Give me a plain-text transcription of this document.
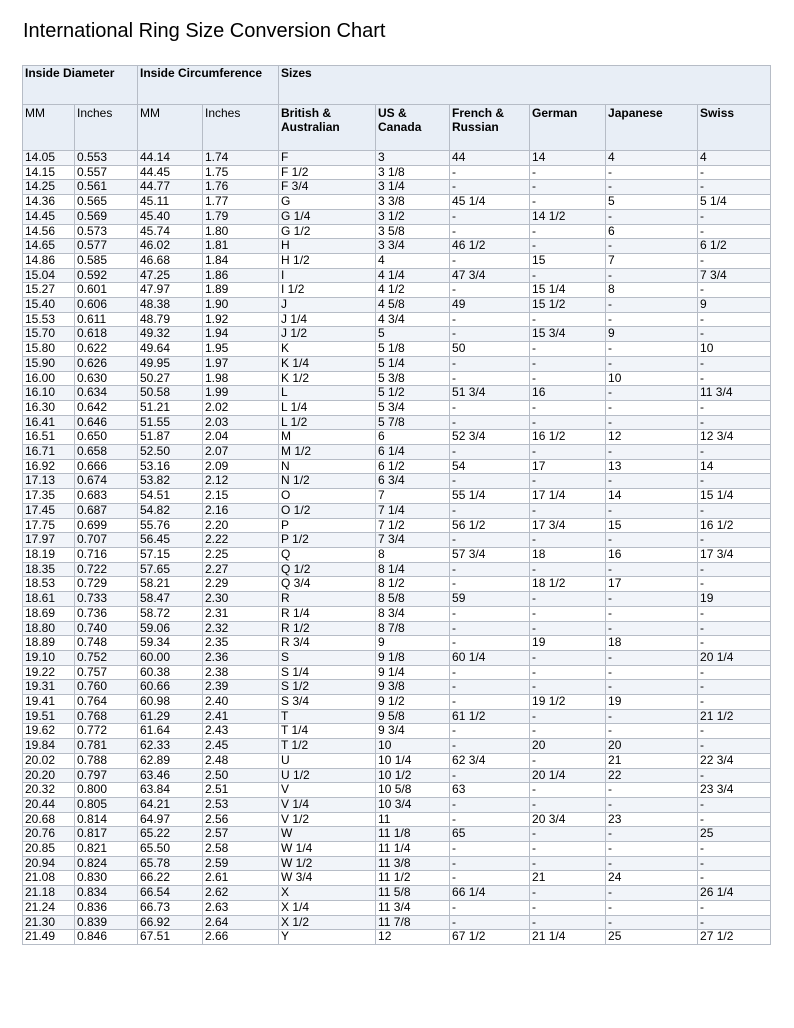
International Ring Size Conversion Chart
Inside Diameter		Inside Circumference		Sizes					
MM	Inches	MM	Inches	British & Australian	US & Canada	French & Russian	German	Japanese	Swiss
14.05	0.553	44.14	1.74	F	3	44	14	4	4
14.15	0.557	44.45	1.75	F 1/2	3 1/8	-	-	-	-
14.25	0.561	44.77	1.76	F 3/4	3 1/4	-	-	-	-
14.36	0.565	45.11	1.77	G	3 3/8	45 1/4	-	5	5 1/4
14.45	0.569	45.40	1.79	G 1/4	3 1/2	-	14 1/2	-	-
14.56	0.573	45.74	1.80	G 1/2	3 5/8	-	-	6	-
14.65	0.577	46.02	1.81	H	3 3/4	46 1/2	-	-	6 1/2
14.86	0.585	46.68	1.84	H 1/2	4	-	15	7	-
15.04	0.592	47.25	1.86	I	4 1/4	47 3/4	-	-	7 3/4
15.27	0.601	47.97	1.89	I 1/2	4 1/2	-	15 1/4	8	-
15.40	0.606	48.38	1.90	J	4 5/8	49	15 1/2	-	9
15.53	0.611	48.79	1.92	J 1/4	4 3/4	-	-	-	-
15.70	0.618	49.32	1.94	J 1/2	5	-	15 3/4	9	-
15.80	0.622	49.64	1.95	K	5 1/8	50	-	-	10
15.90	0.626	49.95	1.97	K 1/4	5 1/4	-	-	-	-
16.00	0.630	50.27	1.98	K 1/2	5 3/8	-	-	10	-
16.10	0.634	50.58	1.99	L	5 1/2	51 3/4	16	-	11 3/4
16.30	0.642	51.21	2.02	L 1/4	5 3/4	-	-	-	-
16.41	0.646	51.55	2.03	L 1/2	5 7/8	-	-	-	-
16.51	0.650	51.87	2.04	M	6	52 3/4	16 1/2	12	12 3/4
16.71	0.658	52.50	2.07	M 1/2	6 1/4	-	-	-	-
16.92	0.666	53.16	2.09	N	6 1/2	54	17	13	14
17.13	0.674	53.82	2.12	N 1/2	6 3/4	-	-	-	-
17.35	0.683	54.51	2.15	O	7	55 1/4	17 1/4	14	15 1/4
17.45	0.687	54.82	2.16	O 1/2	7 1/4	-	-	-	-
17.75	0.699	55.76	2.20	P	7 1/2	56 1/2	17 3/4	15	16 1/2
17.97	0.707	56.45	2.22	P 1/2	7 3/4	-	-	-	-
18.19	0.716	57.15	2.25	Q	8	57 3/4	18	16	17 3/4
18.35	0.722	57.65	2.27	Q 1/2	8 1/4	-	-	-	-
18.53	0.729	58.21	2.29	Q 3/4	8 1/2	-	18 1/2	17	-
18.61	0.733	58.47	2.30	R	8 5/8	59	-	-	19
18.69	0.736	58.72	2.31	R 1/4	8 3/4	-	-	-	-
18.80	0.740	59.06	2.32	R 1/2	8 7/8	-	-	-	-
18.89	0.748	59.34	2.35	R 3/4	9	-	19	18	-
19.10	0.752	60.00	2.36	S	9 1/8	60 1/4	-	-	20 1/4
19.22	0.757	60.38	2.38	S 1/4	9 1/4	-	-	-	-
19.31	0.760	60.66	2.39	S 1/2	9 3/8	-	-	-	-
19.41	0.764	60.98	2.40	S 3/4	9 1/2	-	19 1/2	19	-
19.51	0.768	61.29	2.41	T	9 5/8	61 1/2	-	-	21 1/2
19.62	0.772	61.64	2.43	T 1/4	9 3/4	-	-	-	-
19.84	0.781	62.33	2.45	T 1/2	10	-	20	20	-
20.02	0.788	62.89	2.48	U	10 1/4	62 3/4	-	21	22 3/4
20.20	0.797	63.46	2.50	U 1/2	10 1/2	-	20 1/4	22	-
20.32	0.800	63.84	2.51	V	10 5/8	63	-	-	23 3/4
20.44	0.805	64.21	2.53	V 1/4	10 3/4	-	-	-	-
20.68	0.814	64.97	2.56	V 1/2	11	-	20 3/4	23	-
20.76	0.817	65.22	2.57	W	11 1/8	65	-	-	25
20.85	0.821	65.50	2.58	W 1/4	11 1/4	-	-	-	-
20.94	0.824	65.78	2.59	W 1/2	11 3/8	-	-	-	-
21.08	0.830	66.22	2.61	W 3/4	11 1/2	-	21	24	-
21.18	0.834	66.54	2.62	X	11 5/8	66 1/4	-	-	26 1/4
21.24	0.836	66.73	2.63	X 1/4	11 3/4	-	-	-	-
21.30	0.839	66.92	2.64	X 1/2	11 7/8	-	-	-	-
21.49	0.846	67.51	2.66	Y	12	67 1/2	21 1/4	25	27 1/2
